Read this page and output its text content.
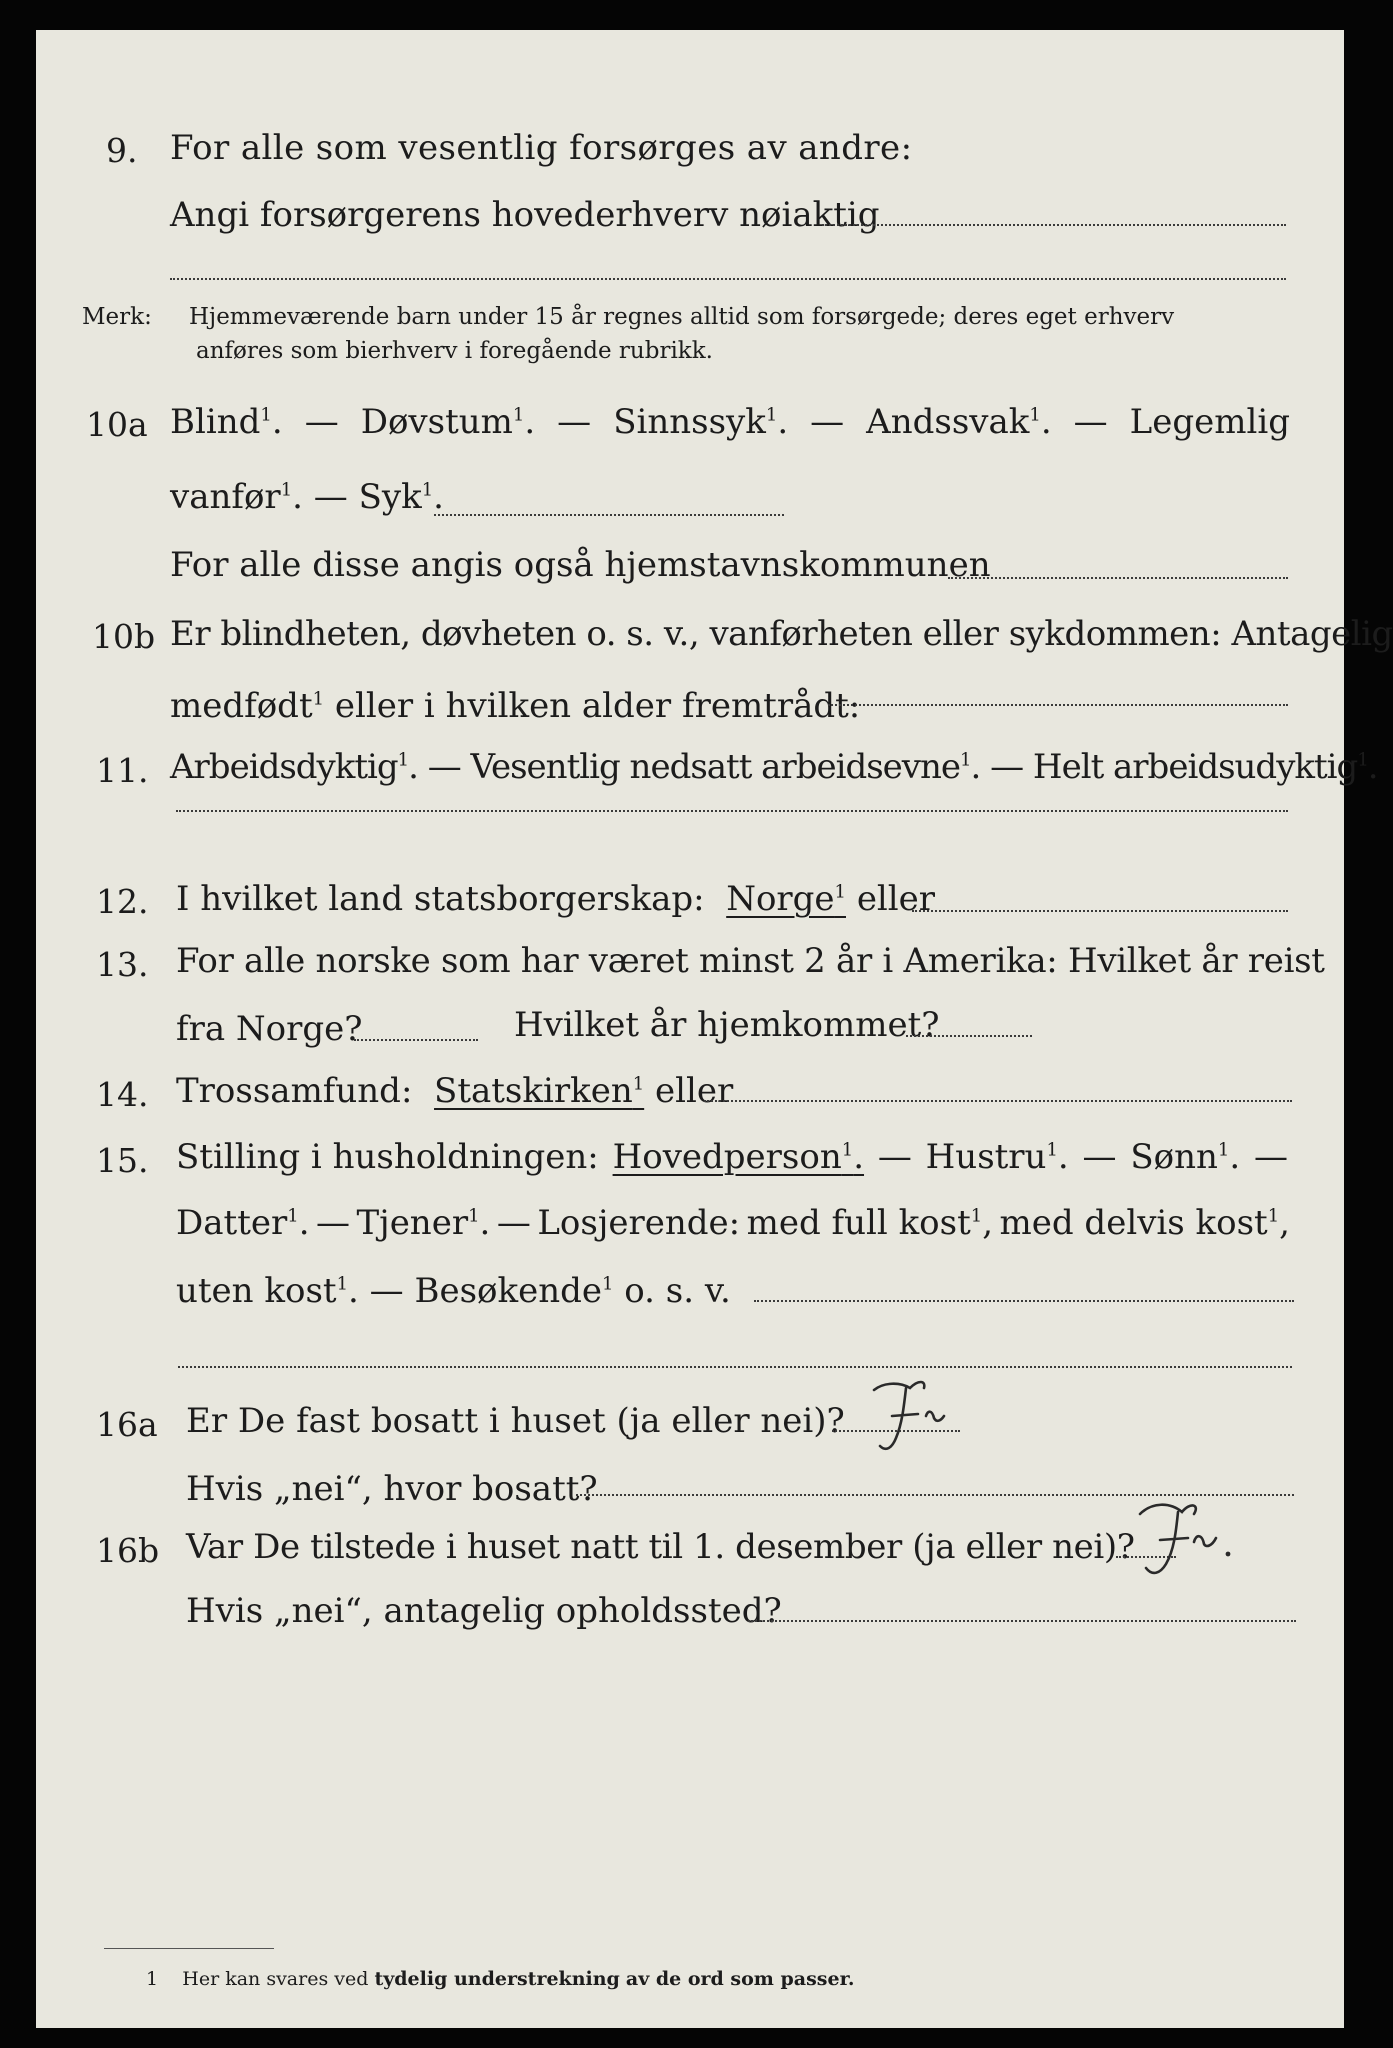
9. For alle som vesentlig forsørges av andre:
Angi forsørgerens hovederhverv nøiaktig
Merk: Hjemmeværende barn under 15 år regnes alltid som forsørgede; deres eget erhverv
anføres som bierhverv i foregående rubrikk.
10a Blind$^1$. — Døvstum$^1$. — Sinnssyk$^1$. — Andssvak$^1$. — Legemlig
vanfør$^1$. — Syk$^1$.
For alle disse angis også hjemstavnskommunen
10b Er blindheten, døvheten o. s. v., vanførheten eller sykdommen: Antagelig
medfødt$^1$ eller i hvilken alder fremtrådt:
11. Arbeidsdyktig$^1$. — Vesentlig nedsatt arbeidsevne$^1$. — Helt arbeidsudyktig$^1$.
12. I hvilket land statsborgerskap: Norge$^1$ eller
13. For alle norske som har været minst 2 år i Amerika: Hvilket år reist
fra Norge?	Hvilket år hjemkommet?
14. Trossamfund: Statskirken$^1$ eller
15. Stilling i husholdningen: Hovedperson$^1$. — Hustru$^1$. — Sønn$^1$. —
Datter$^1$. — Tjener$^1$. — Losjerende: med full kost$^1$, med delvis kost$^1$,
uten kost$^1$. — Besøkende$^1$ o. s. v.
16a Er De fast bosatt i huset (ja eller nei)?	Ja
Hvis „nei“, hvor bosatt?
16b Var De tilstede i huset natt til 1. desember (ja eller nei)?
Hvis „nei“, antagelig opholdssted?
1 Her kan svares ved tydelig understrekning av de ord som passer.
